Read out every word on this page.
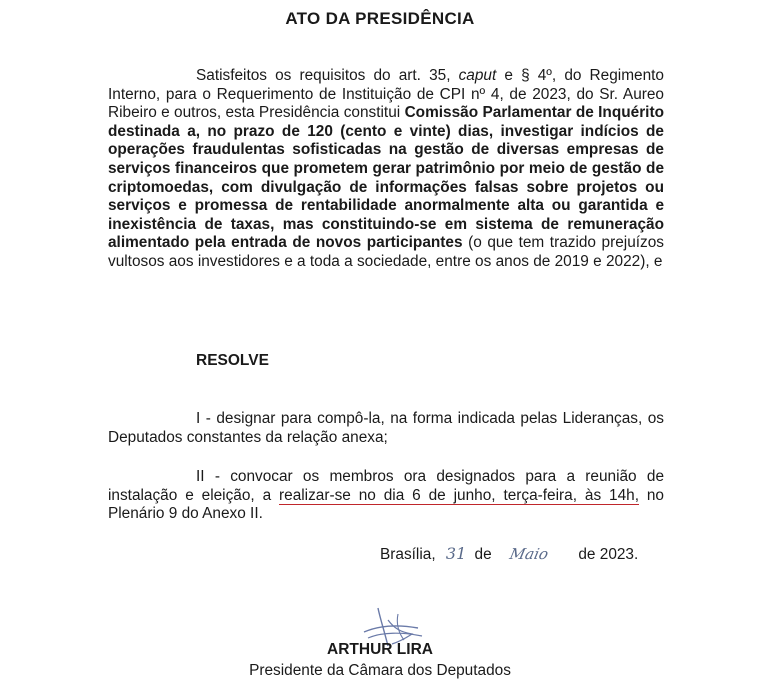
ATO DA PRESIDÊNCIA

Satisfeitos os requisitos do art. 35, caput e § 4º, do Regimento Interno, para o Requerimento de Instituição de CPI nº 4, de 2023, do Sr. Aureo Ribeiro e outros, esta Presidência constitui Comissão Parlamentar de Inquérito destinada a, no prazo de 120 (cento e vinte) dias, investigar indícios de operações fraudulentas sofisticadas na gestão de diversas empresas de serviços financeiros que prometem gerar patrimônio por meio de gestão de criptomoedas, com divulgação de informações falsas sobre projetos ou serviços e promessa de rentabilidade anormalmente alta ou garantida e inexistência de taxas, mas constituindo-se em sistema de remuneração alimentado pela entrada de novos participantes (o que tem trazido prejuízos vultosos aos investidores e a toda a sociedade, entre os anos de 2019 e 2022), e

RESOLVE

I - designar para compô-la, na forma indicada pelas Lideranças, os Deputados constantes da relação anexa;

II - convocar os membros ora designados para a reunião de instalação e eleição, a realizar-se no dia 6 de junho, terça-feira, às 14h, no Plenário 9 do Anexo II.

Brasília, 31 de Maio de 2023.
ARTHUR LIRA
Presidente da Câmara dos Deputados
